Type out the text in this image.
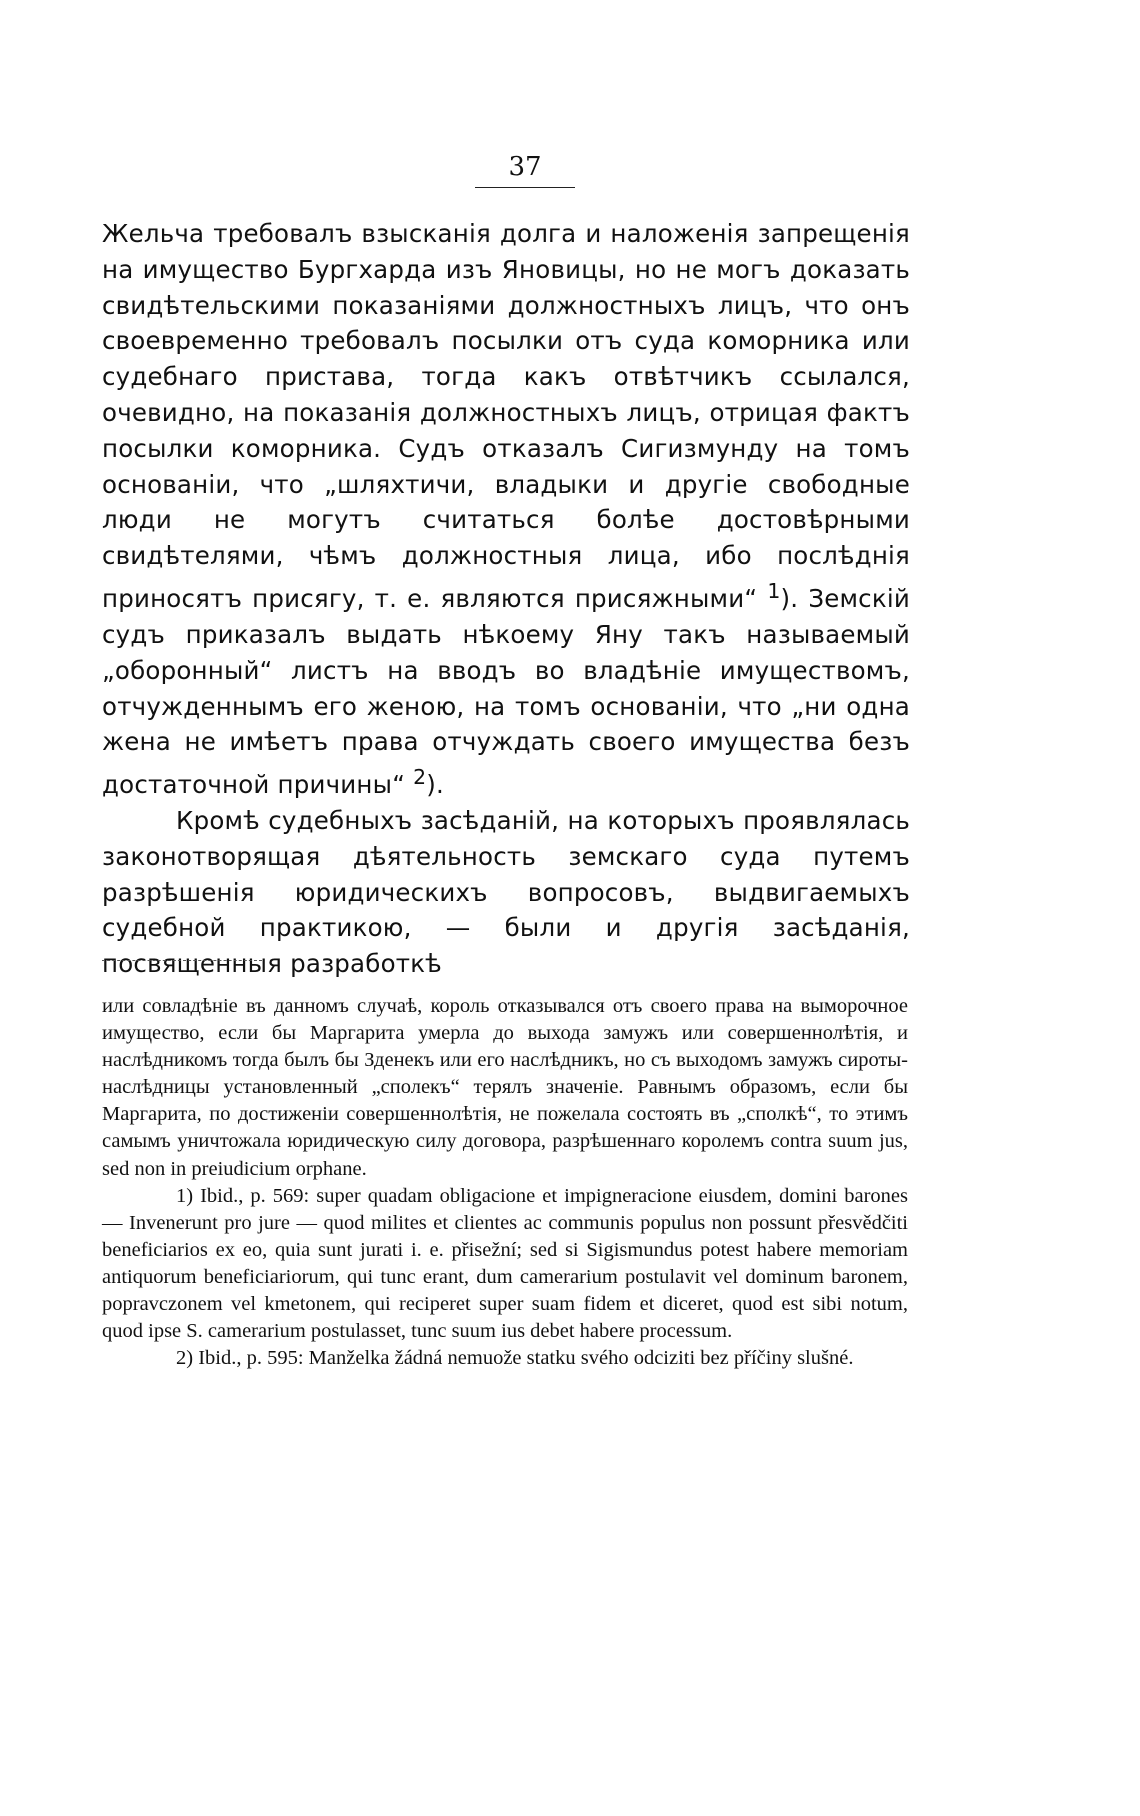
37

Жельча требовалъ взысканія долга и наложенія запрещенія на имущество Бургхарда изъ Яновицы, но не могъ доказать свидѣтельскими показаніями должностныхъ лицъ, что онъ своевременно требовалъ посылки отъ суда коморника или судебнаго пристава, тогда какъ отвѣтчикъ ссылался, очевидно, на показанія должностныхъ лицъ, отрицая фактъ посылки коморника. Судъ отказалъ Сигизмунду на томъ основаніи, что „шляхтичи, владыки и другіе свободные люди не могутъ считаться болѣе достовѣрными свидѣтелями, чѣмъ должностныя лица, ибо послѣднія приносятъ присягу, т. е. являются присяжными“ $^1$). Земскій судъ приказалъ выдать нѣкоему Яну такъ называемый „оборонный“ листъ на вводъ во владѣніе имуществомъ, отчужденнымъ его женою, на томъ основаніи, что „ни одна жена не имѣетъ права отчуждать своего имущества безъ достаточной причины“ $^2$).

Кромѣ судебныхъ засѣданій, на которыхъ проявлялась законотворящая дѣятельность земскаго суда путемъ разрѣшенія юридическихъ вопросовъ, выдвигаемыхъ судебной практикою, — были и другія засѣданія, посвященныя разработкѣ

или совладѣніе въ данномъ случаѣ, король отказывался отъ своего права на выморочное имущество, если бы Маргарита умерла до выхода замужъ или совершеннолѣтія, и наслѣдникомъ тогда былъ бы Зденекъ или его наслѣдникъ, но съ выходомъ замужъ сироты-наслѣдницы установленный „сполекъ“ терялъ значеніе. Равнымъ образомъ, если бы Маргарита, по достиженіи совершеннолѣтія, не пожелала состоять въ „сполкѣ“, то этимъ самымъ уничтожала юридическую силу договора, разрѣшеннаго королемъ contra suum jus, sed non in preiudicium orphane.

1) Ibid., p. 569: super quadam obligacione et impigneracione eiusdem, domini barones — Invenerunt pro jure — quod milites et clientes ac communis populus non possunt přesvědčiti beneficiarios ex eo, quia sunt jurati i. e. přisežní; sed si Sigismundus potest habere memoriam antiquorum beneficiariorum, qui tunc erant, dum camerarium postulavit vel dominum baronem, popravczonem vel kmetonem, qui reciperet super suam fidem et diceret, quod est sibi notum, quod ipse S. camerarium postulasset, tunc suum ius debet habere processum.

2) Ibid., p. 595: Manželka žádná nemuože statku svého odciziti bez příčiny slušné.
